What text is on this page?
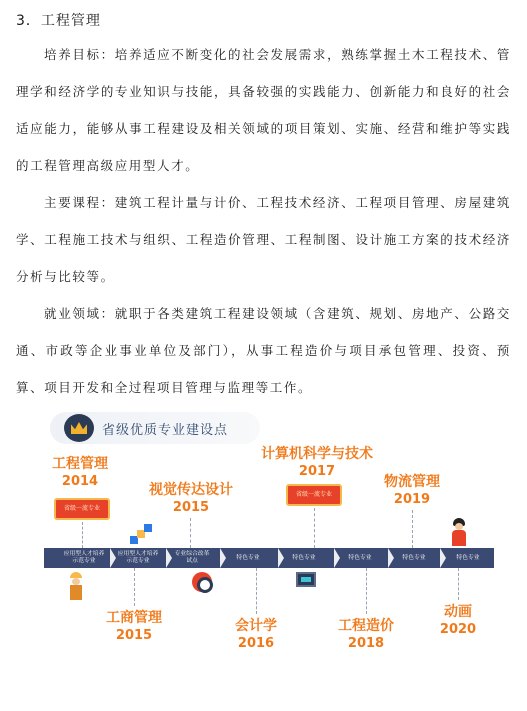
3．工程管理

培养目标：培养适应不断变化的社会发展需求，熟练掌握土木工程技术、管理学和经济学的专业知识与技能，具备较强的实践能力、创新能力和良好的社会适应能力，能够从事工程建设及相关领域的项目策划、实施、经营和维护等实践的工程管理高级应用型人才。

主要课程：建筑工程计量与计价、工程技术经济、工程项目管理、房屋建筑学、工程施工技术与组织、工程造价管理、工程制图、设计施工方案的技术经济分析与比较等。

就业领域：就职于各类建筑工程建设领域（含建筑、规划、房地产、公路交通、市政等企业事业单位及部门），从事工程造价与项目承包管理、投资、预算、项目开发和全过程项目管理与监理等工作。

省级优质专业建设点
工程管理
2014
省级一流专业
视觉传达设计
2015
计算机科学与技术
2017
省级一流专业
物流管理
2019
应用型人才培养示范专业
应用型人才培养示范专业
专业综合改革试点
特色专业	特色专业	特色专业	特色专业	特色专业
工商管理
2015
会计学
2016
工程造价
2018
动画
2020
